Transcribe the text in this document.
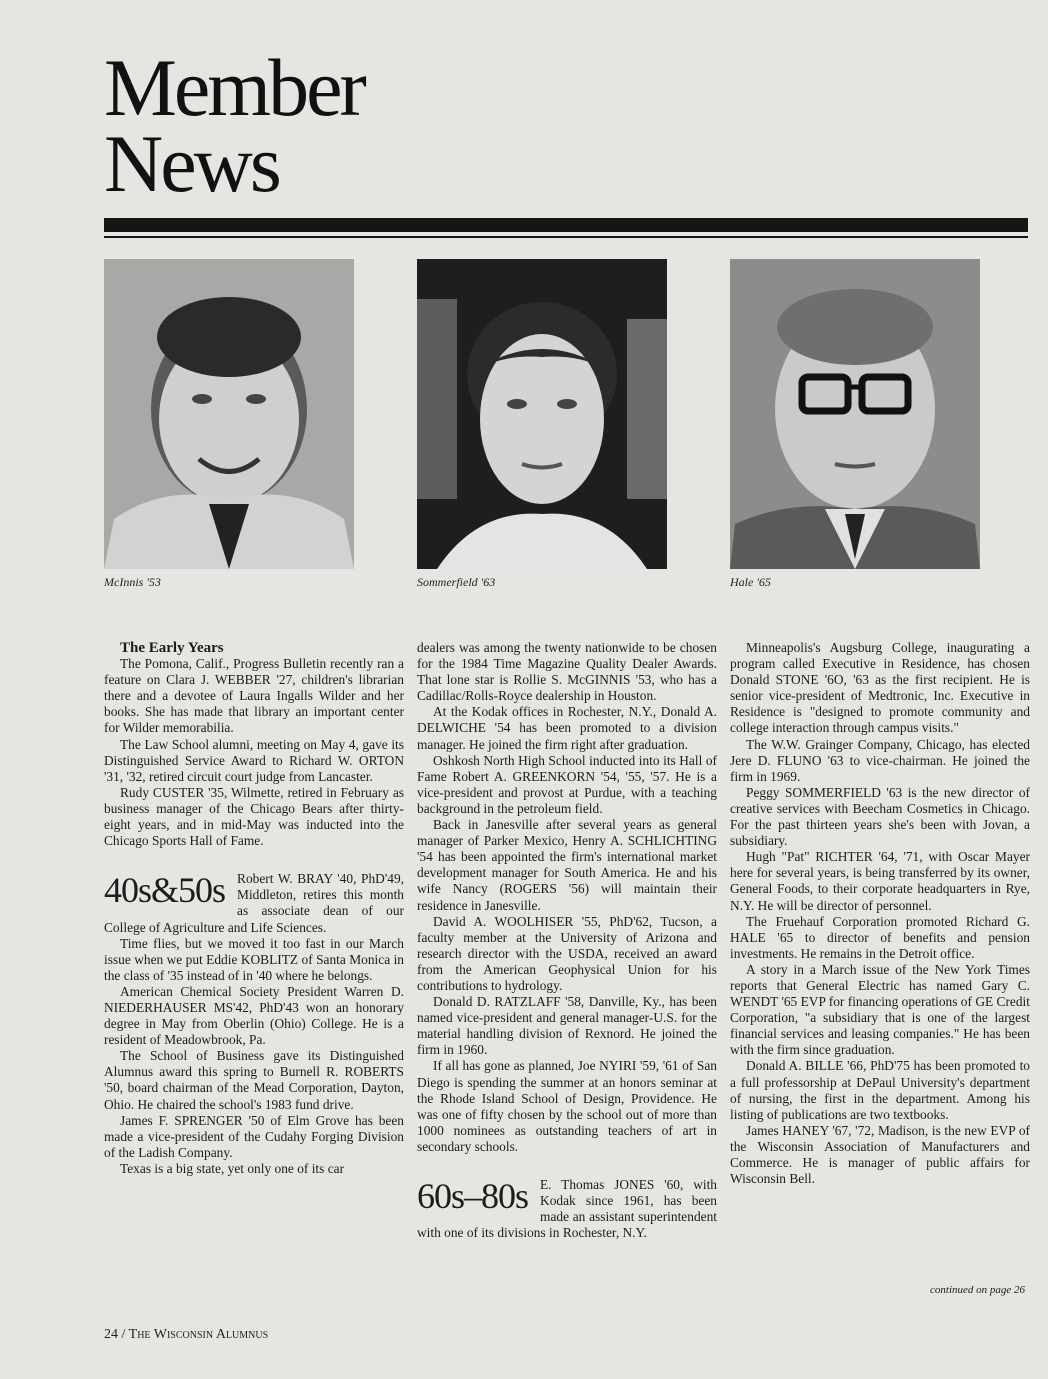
Member
News
McInnis '53	Sommerfield '63	Hale '65

The Early Years

The Pomona, Calif., Progress Bulletin recently ran a feature on Clara J. WEBBER '27, children's librarian there and a devotee of Laura Ingalls Wilder and her books. She has made that library an important center for Wilder memorabilia.

The Law School alumni, meeting on May 4, gave its Distinguished Service Award to Richard W. ORTON '31, '32, retired circuit court judge from Lancaster.

Rudy CUSTER '35, Wilmette, retired in February as business manager of the Chicago Bears after thirty-eight years, and in mid-May was inducted into the Chicago Sports Hall of Fame.

40s&50s Robert W. BRAY '40, PhD'49, Middleton, retires this month as associate dean of our College of Agriculture and Life Sciences.

Time flies, but we moved it too fast in our March issue when we put Eddie KOBLITZ of Santa Monica in the class of '35 instead of in '40 where he belongs.

American Chemical Society President Warren D. NIEDERHAUSER MS'42, PhD'43 won an honorary degree in May from Oberlin (Ohio) College. He is a resident of Meadowbrook, Pa.

The School of Business gave its Distinguished Alumnus award this spring to Burnell R. ROBERTS '50, board chairman of the Mead Corporation, Dayton, Ohio. He chaired the school's 1983 fund drive.

James F. SPRENGER '50 of Elm Grove has been made a vice-president of the Cudahy Forging Division of the Ladish Company.

Texas is a big state, yet only one of its car

dealers was among the twenty nationwide to be chosen for the 1984 Time Magazine Quality Dealer Awards. That lone star is Rollie S. McGINNIS '53, who has a Cadillac/Rolls-Royce dealership in Houston.

At the Kodak offices in Rochester, N.Y., Donald A. DELWICHE '54 has been promoted to a division manager. He joined the firm right after graduation.

Oshkosh North High School inducted into its Hall of Fame Robert A. GREENKORN '54, '55, '57. He is a vice-president and provost at Purdue, with a teaching background in the petroleum field.

Back in Janesville after several years as general manager of Parker Mexico, Henry A. SCHLICHTING '54 has been appointed the firm's international market development manager for South America. He and his wife Nancy (ROGERS '56) will maintain their residence in Janesville.

David A. WOOLHISER '55, PhD'62, Tucson, a faculty member at the University of Arizona and research director with the USDA, received an award from the American Geophysical Union for his contributions to hydrology.

Donald D. RATZLAFF '58, Danville, Ky., has been named vice-president and general manager-U.S. for the material handling division of Rexnord. He joined the firm in 1960.

If all has gone as planned, Joe NYIRI '59, '61 of San Diego is spending the summer at an honors seminar at the Rhode Island School of Design, Providence. He was one of fifty chosen by the school out of more than 1000 nominees as outstanding teachers of art in secondary schools.

60s–80s E. Thomas JONES '60, with Kodak since 1961, has been made an assistant superintendent with one of its divisions in Rochester, N.Y.

Minneapolis's Augsburg College, inaugurating a program called Executive in Residence, has chosen Donald STONE '6O, '63 as the first recipient. He is senior vice-president of Medtronic, Inc. Executive in Residence is "designed to promote community and college interaction through campus visits."

The W.W. Grainger Company, Chicago, has elected Jere D. FLUNO '63 to vice-chairman. He joined the firm in 1969.

Peggy SOMMERFIELD '63 is the new director of creative services with Beecham Cosmetics in Chicago. For the past thirteen years she's been with Jovan, a subsidiary.

Hugh "Pat" RICHTER '64, '71, with Oscar Mayer here for several years, is being transferred by its owner, General Foods, to their corporate headquarters in Rye, N.Y. He will be director of personnel.

The Fruehauf Corporation promoted Richard G. HALE '65 to director of benefits and pension investments. He remains in the Detroit office.

A story in a March issue of the New York Times reports that General Electric has named Gary C. WENDT '65 EVP for financing operations of GE Credit Corporation, "a subsidiary that is one of the largest financial services and leasing companies." He has been with the firm since graduation.

Donald A. BILLE '66, PhD'75 has been promoted to a full professorship at DePaul University's department of nursing, the first in the department. Among his listing of publications are two textbooks.

James HANEY '67, '72, Madison, is the new EVP of the Wisconsin Association of Manufacturers and Commerce. He is manager of public affairs for Wisconsin Bell.

continued on page 26
24 / The Wisconsin Alumnus
